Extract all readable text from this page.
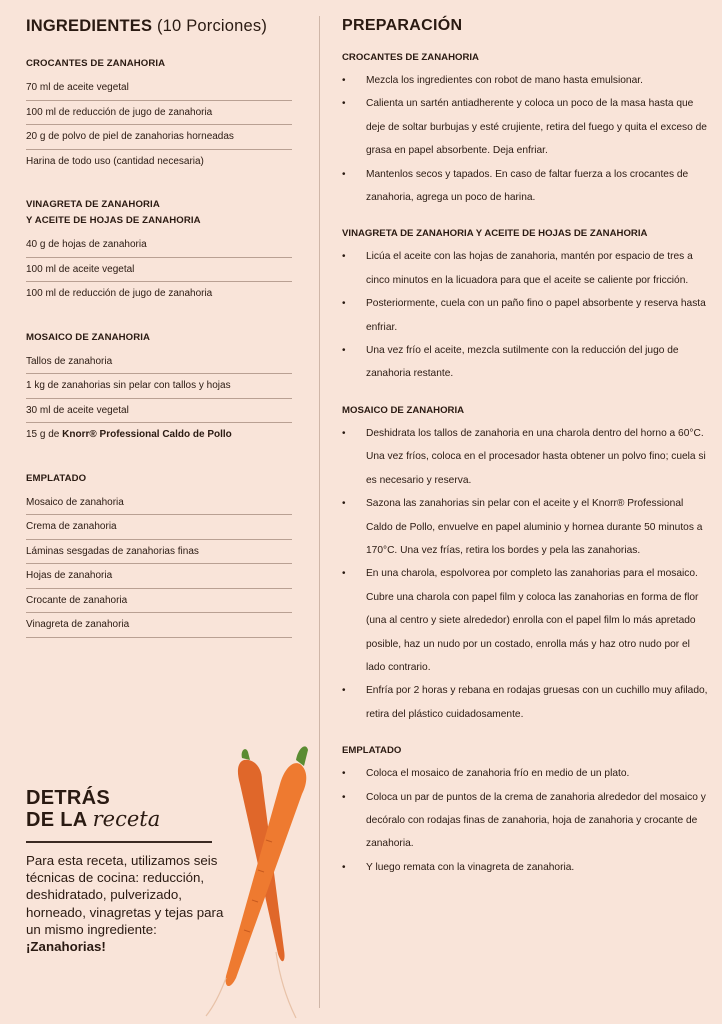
INGREDIENTES (10 Porciones)
CROCANTES DE ZANAHORIA
70 ml de aceite vegetal
100 ml de reducción de jugo de zanahoria
20 g de polvo de piel de zanahorias horneadas
Harina de todo uso (cantidad necesaria)
VINAGRETA DE ZANAHORIA
Y ACEITE DE HOJAS DE ZANAHORIA
40 g de hojas de zanahoria
100 ml de aceite vegetal
100 ml de reducción de jugo de zanahoria
MOSAICO DE ZANAHORIA
Tallos de zanahoria
1 kg de zanahorias sin pelar con tallos y hojas
30 ml de aceite vegetal
15 g de Knorr® Professional Caldo de Pollo
EMPLATADO
Mosaico de zanahoria
Crema de zanahoria
Láminas sesgadas de zanahorias finas
Hojas de zanahoria
Crocante de zanahoria
Vinagreta de zanahoria
DETRÁS
DE LA receta
Para esta receta, utilizamos seis técnicas de cocina: reducción, deshidratado, pulverizado, horneado, vinagretas y tejas para un mismo ingrediente: ¡Zanahorias!
PREPARACIÓN
CROCANTES DE ZANAHORIA
• Mezcla los ingredientes con robot de mano hasta emulsionar.
• Calienta un sartén antiadherente y coloca un poco de la masa hasta que deje de soltar burbujas y esté crujiente, retira del fuego y quita el exceso de grasa en papel absorbente. Deja enfriar.
• Mantenlos secos y tapados. En caso de faltar fuerza a los crocantes de zanahoria, agrega un poco de harina.
VINAGRETA DE ZANAHORIA Y ACEITE DE HOJAS DE ZANAHORIA
• Licúa el aceite con las hojas de zanahoria, mantén por espacio de tres a cinco minutos en la licuadora para que el aceite se caliente por fricción.
• Posteriormente, cuela con un paño fino o papel absorbente y reserva hasta enfriar.
• Una vez frío el aceite, mezcla sutilmente con la reducción del jugo de zanahoria restante.
MOSAICO DE ZANAHORIA
• Deshidrata los tallos de zanahoria en una charola dentro del horno a 60°C. Una vez fríos, coloca en el procesador hasta obtener un polvo fino; cuela si es necesario y reserva.
• Sazona las zanahorias sin pelar con el aceite y el Knorr® Professional Caldo de Pollo, envuelve en papel aluminio y hornea durante 50 minutos a 170°C. Una vez frías, retira los bordes y pela las zanahorias.
• En una charola, espolvorea por completo las zanahorias para el mosaico. Cubre una charola con papel film y coloca las zanahorias en forma de flor (una al centro y siete alrededor) enrolla con el papel film lo más apretado posible, haz un nudo por un costado, enrolla más y haz otro nudo por el lado contrario.
• Enfría por 2 horas y rebana en rodajas gruesas con un cuchillo muy afilado, retira del plástico cuidadosamente.
EMPLATADO
• Coloca el mosaico de zanahoria frío en medio de un plato.
• Coloca un par de puntos de la crema de zanahoria alrededor del mosaico y decóralo con rodajas finas de zanahoria, hoja de zanahoria y crocante de zanahoria.
• Y luego remata con la vinagreta de zanahoria.
